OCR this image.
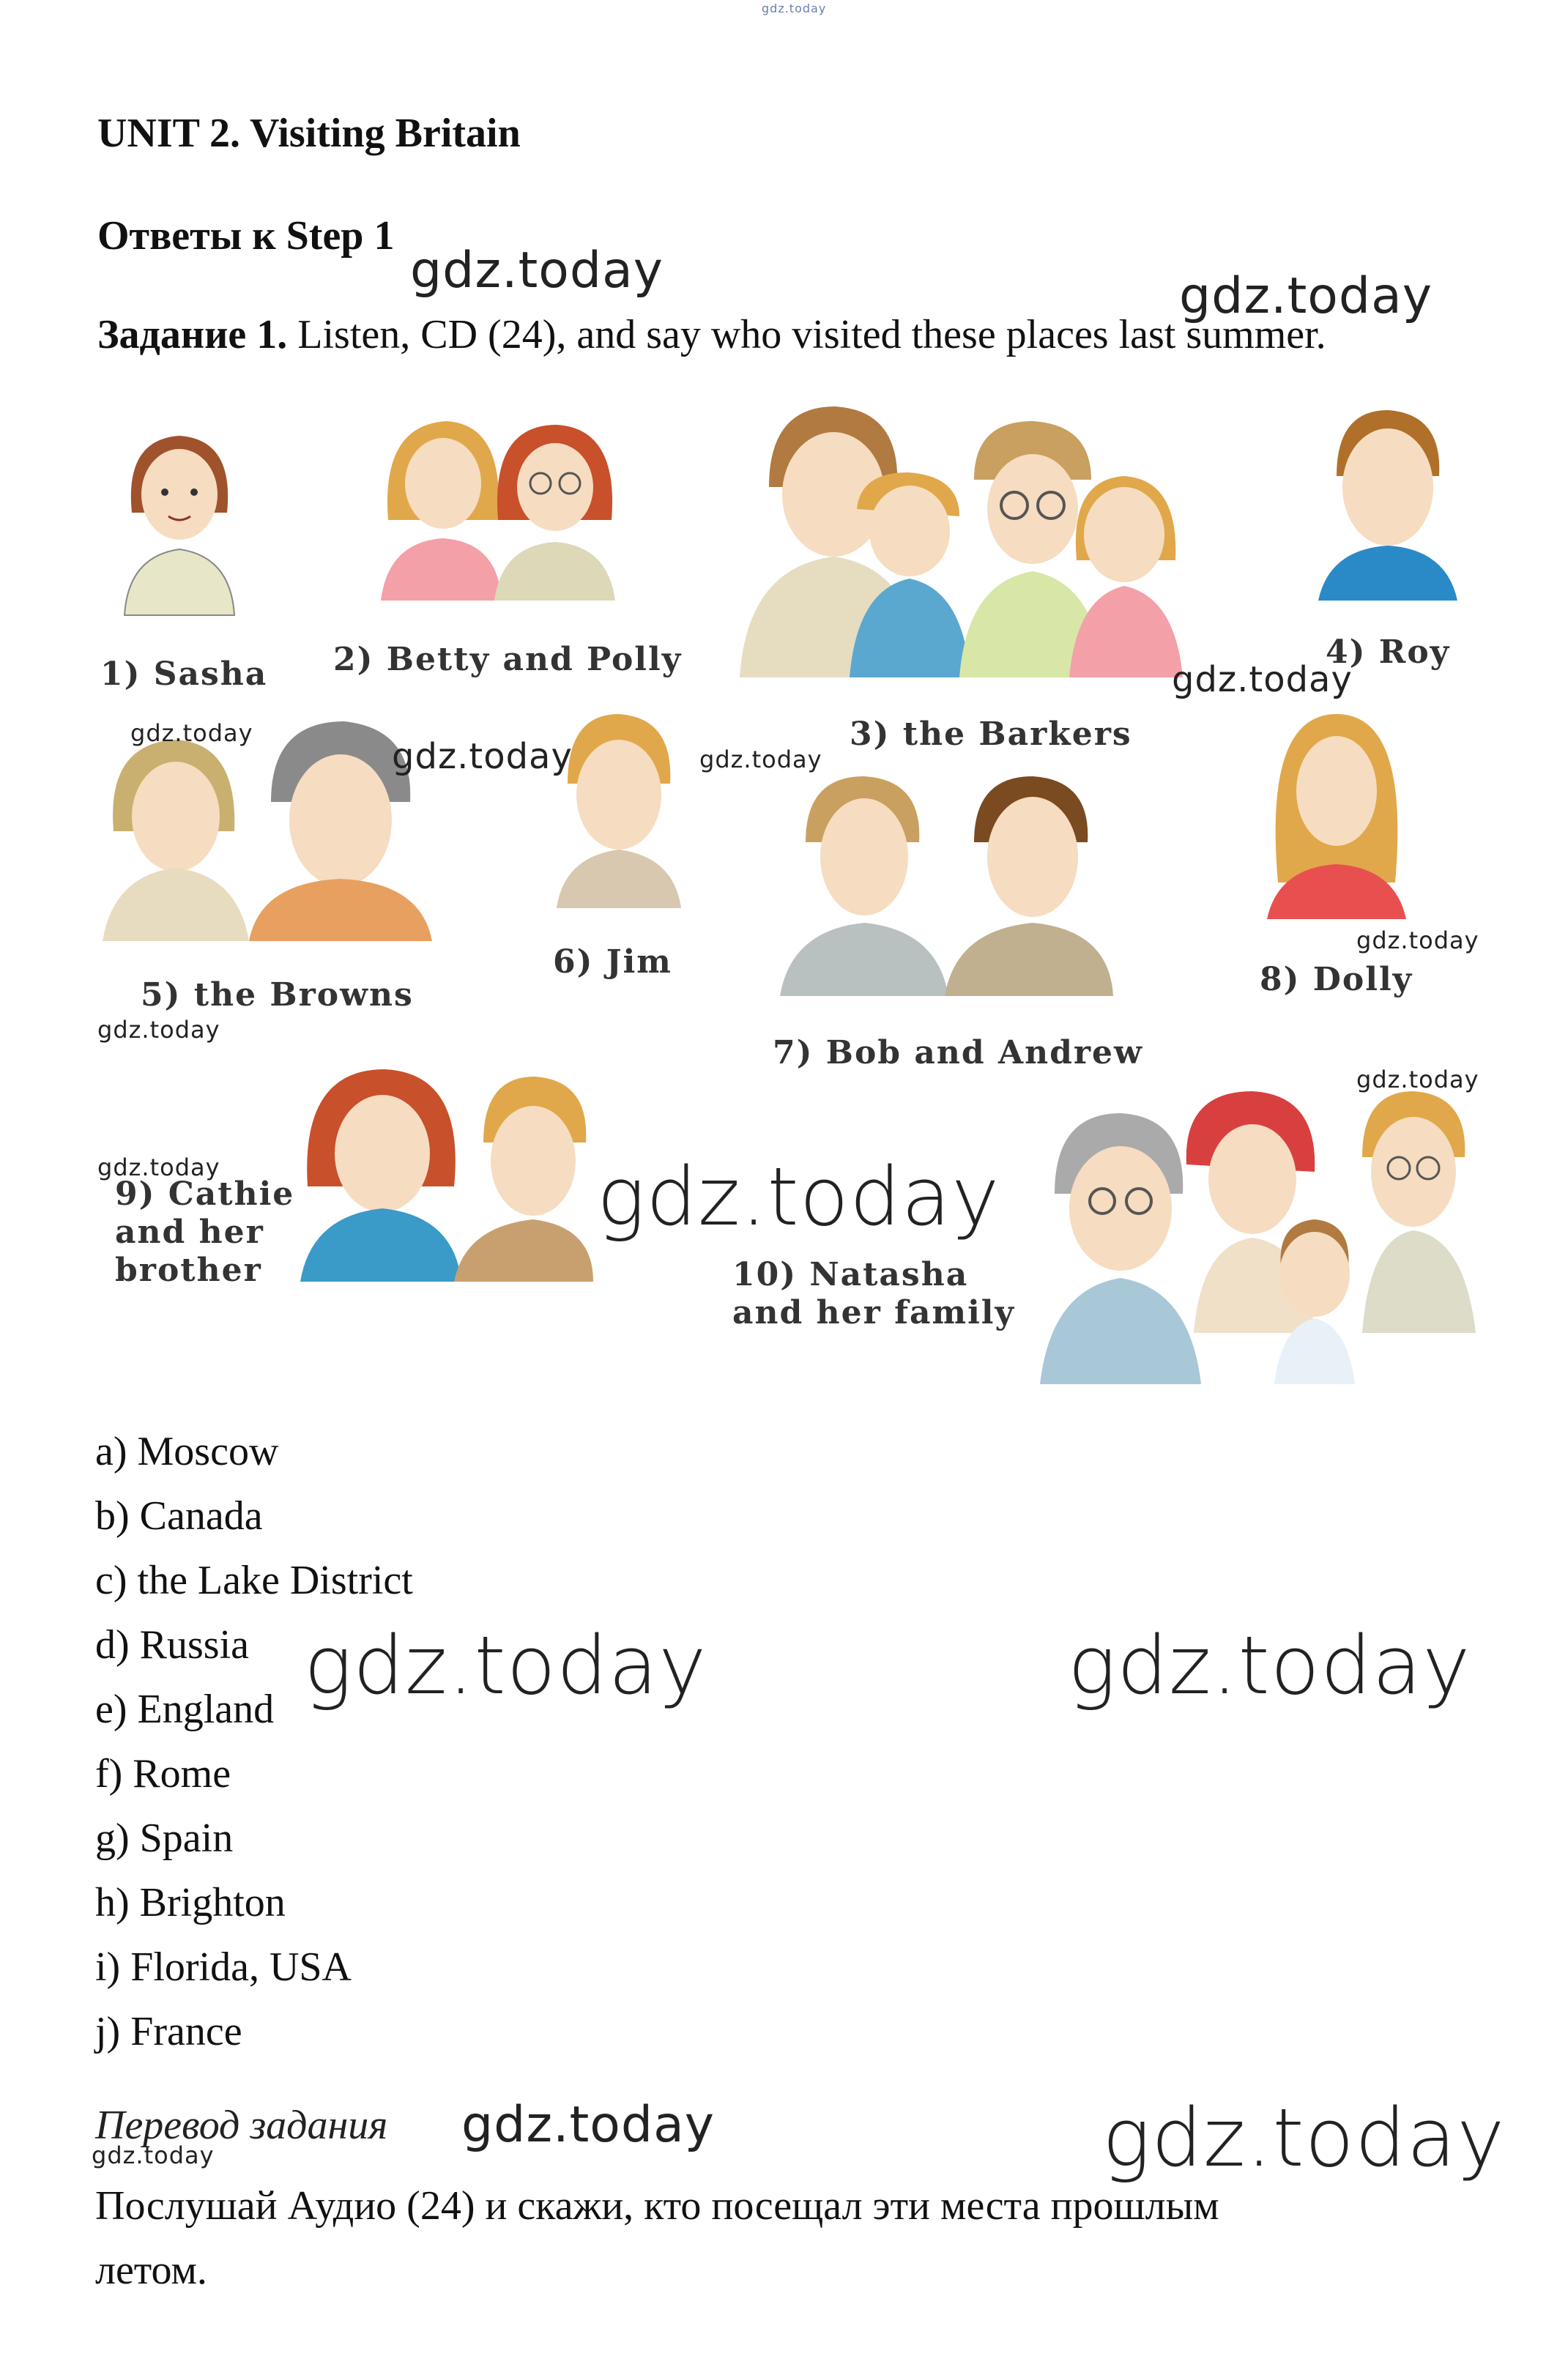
gdz.today
UNIT 2. Visiting Britain
Ответы к Step 1
Задание 1. Listen, CD (24), and say who visited these places last summer.
1) Sasha 2) Betty and Polly
3) the Barkers
4) Roy
5) the Browns
6) Jim
7) Bob and Andrew
8) Dolly
9) Cathie
and her
brother	10) Natasha
and her family
a) Moscow
b) Canada
c) the Lake District
d) Russia
e) England
f) Rome
g) Spain
h) Brighton
i) Florida, USA
j) France
Перевод задания
Послушай Аудио (24) и скажи, кто посещал эти места прошлым
летом.
gdz.today	gdz.today
gdz.today
gdz.today
gdz.today	gdz.today
gdz.today
gdz.today
gdz.today
gdz.today	gdz.today
gdz.today	gdz.today
gdz.today	gdz.today
gdz.today
